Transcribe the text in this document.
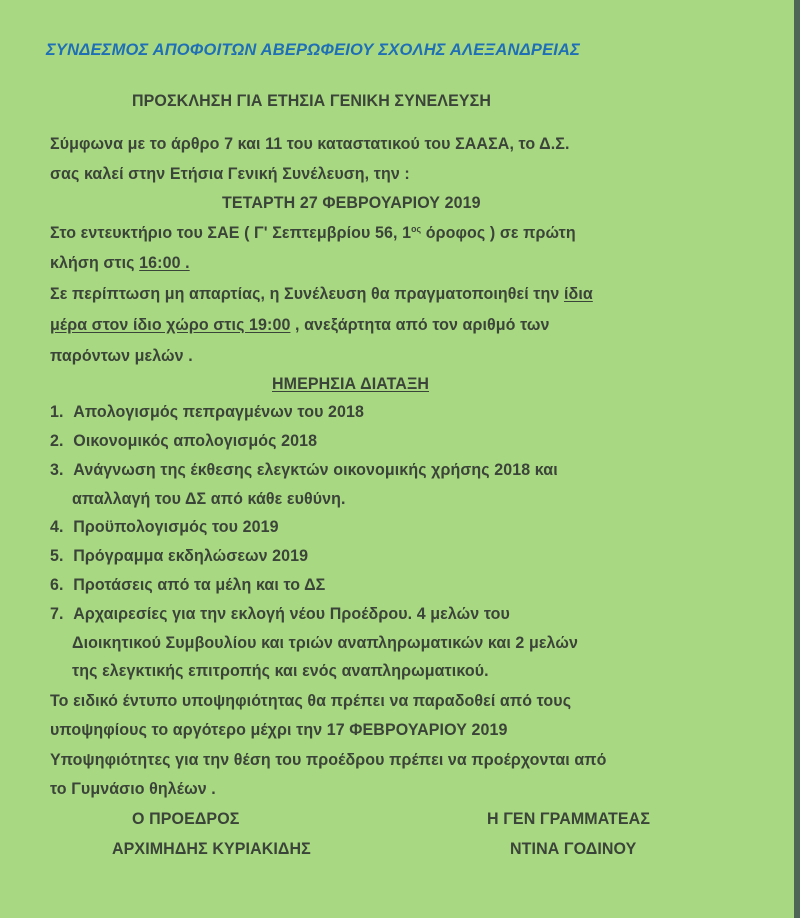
ΣΥΝΔΕΣΜΟΣ ΑΠΟΦΟΙΤΩΝ ΑΒΕΡΩΦΕΙΟΥ ΣΧΟΛΗΣ ΑΛΕΞΑΝΔΡΕΙΑΣ
ΠΡΟΣΚΛΗΣΗ ΓΙΑ ΕΤΗΣΙΑ ΓΕΝΙΚΗ ΣΥΝΕΛΕΥΣΗ
Σύμφωνα με το άρθρο 7 και 11 του καταστατικού του ΣΑΑΣΑ, το Δ.Σ.
σας καλεί στην Ετήσια Γενική Συνέλευση, την :
ΤΕΤΑΡΤΗ 27 ΦΕΒΡΟΥΑΡΙΟΥ 2019
Στο εντευκτήριο του ΣΑΕ ( Γ' Σεπτεμβρίου 56, $1^{o\varsigma}$ όροφος ) σε πρώτη
κλήση στις 16:00 .
Σε περίπτωση μη απαρτίας, η Συνέλευση θα πραγματοποιηθεί την ίδια
μέρα στον ίδιο χώρο στις 19:00 , ανεξάρτητα από τον αριθμό των
παρόντων μελών .
ΗΜΕΡΗΣΙΑ ΔΙΑΤΑΞΗ
1. Απολογισμός πεπραγμένων του 2018
2. Οικονομικός απολογισμός 2018
3. Ανάγνωση της έκθεσης ελεγκτών οικονομικής χρήσης 2018 και
απαλλαγή του ΔΣ από κάθε ευθύνη.
4. Προϋπολογισμός του 2019
5. Πρόγραμμα εκδηλώσεων 2019
6. Προτάσεις από τα μέλη και το ΔΣ
7. Αρχαιρεσίες για την εκλογή νέου Προέδρου. 4 μελών του
Διοικητικού Συμβουλίου και τριών αναπληρωματικών και 2 μελών
της ελεγκτικής επιτροπής και ενός αναπληρωματικού.
Το ειδικό έντυπο υποψηφιότητας θα πρέπει να παραδοθεί από τους
υποψηφίους το αργότερο μέχρι την 17 ΦΕΒΡΟΥΑΡΙΟΥ 2019
Υποψηφιότητες για την θέση του προέδρου πρέπει να προέρχονται από
το Γυμνάσιο θηλέων .
Ο ΠΡΟΕΔΡΟΣ	Η ΓΕΝ ΓΡΑΜΜΑΤΕΑΣ
ΑΡΧΙΜΗΔΗΣ ΚΥΡΙΑΚΙΔΗΣ	ΝΤΙΝΑ ΓΟΔΙΝΟΥ
